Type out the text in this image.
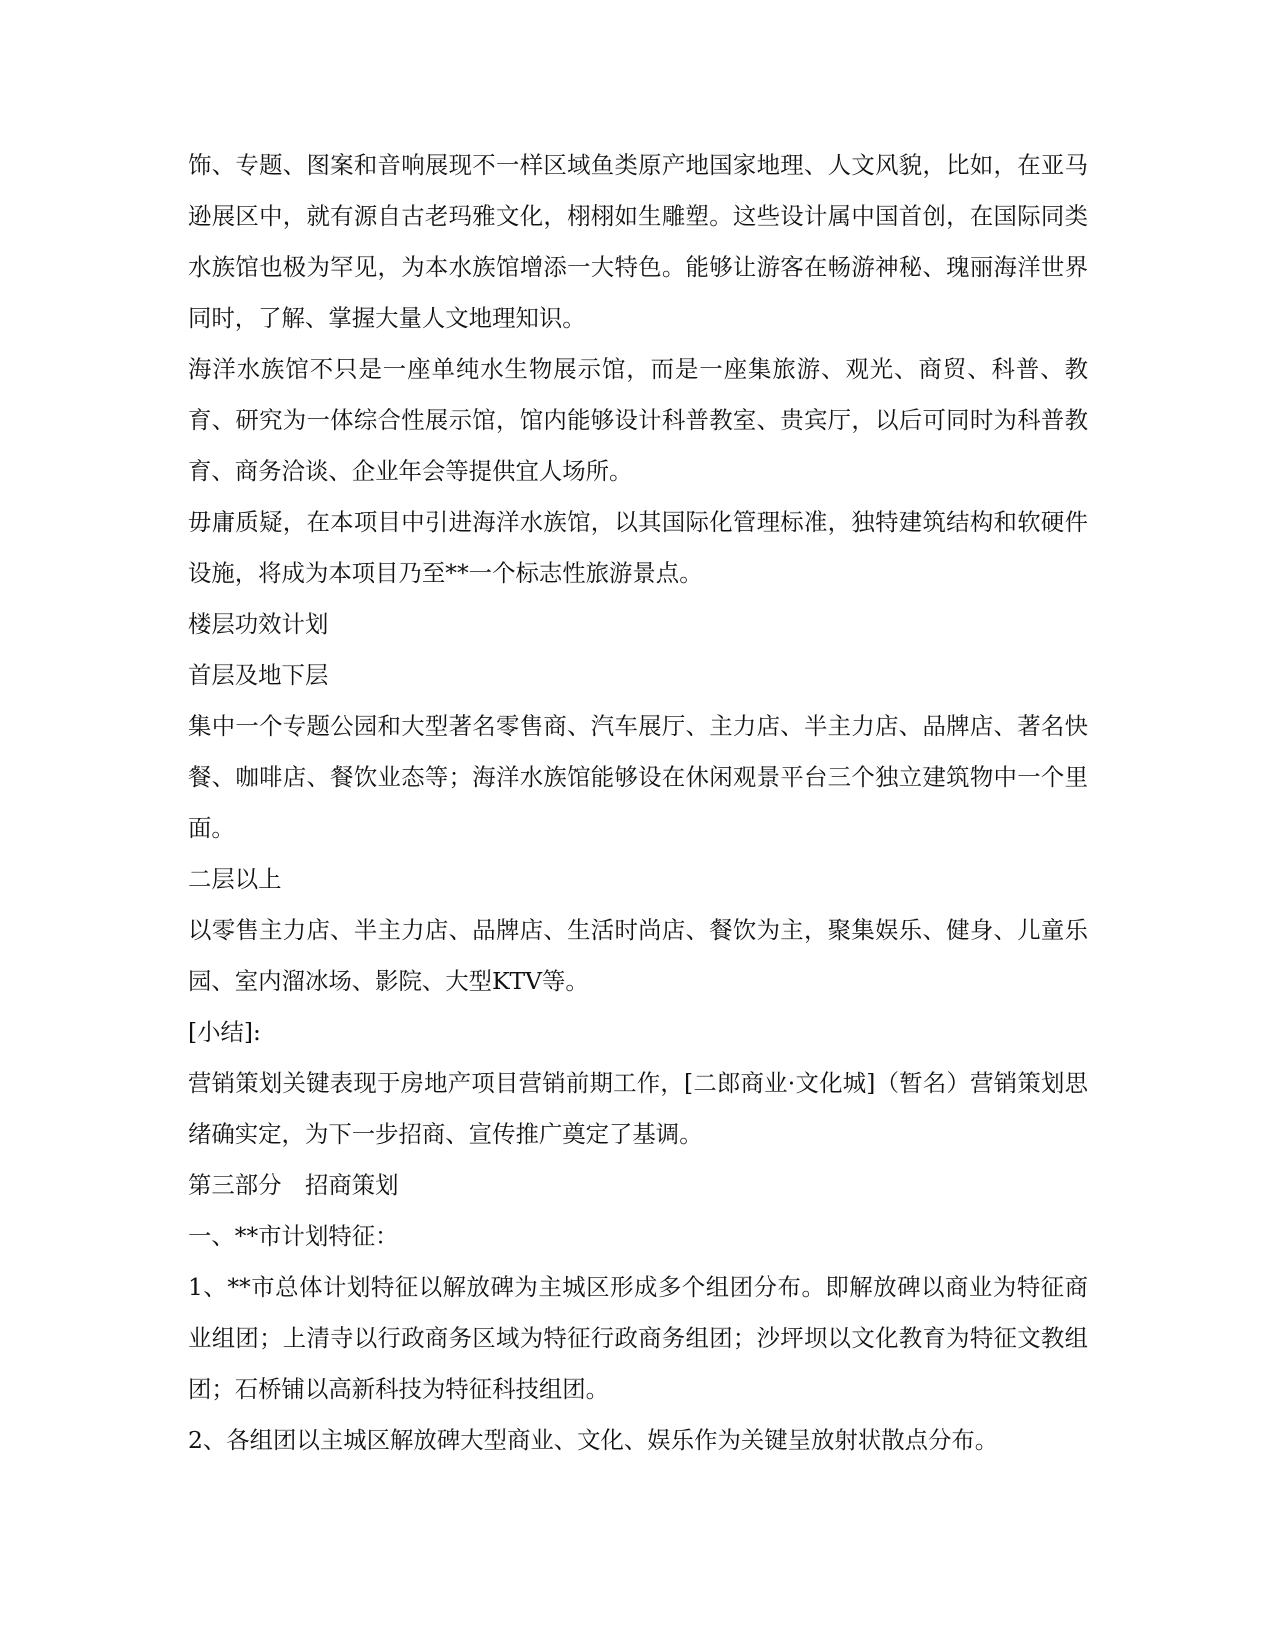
饰、专题、图案和音响展现不一样区域鱼类原产地国家地理、人文风貌，比如，在亚马逊展区中，就有源自古老玛雅文化，栩栩如生雕塑。这些设计属中国首创，在国际同类水族馆也极为罕见，为本水族馆增添一大特色。能够让游客在畅游神秘、瑰丽海洋世界同时，了解、掌握大量人文地理知识。

海洋水族馆不只是一座单纯水生物展示馆，而是一座集旅游、观光、商贸、科普、教育、研究为一体综合性展示馆，馆内能够设计科普教室、贵宾厅，以后可同时为科普教育、商务洽谈、企业年会等提供宜人场所。

毋庸质疑，在本项目中引进海洋水族馆，以其国际化管理标准，独特建筑结构和软硬件设施，将成为本项目乃至**一个标志性旅游景点。

楼层功效计划

首层及地下层

集中一个专题公园和大型著名零售商、汽车展厅、主力店、半主力店、品牌店、著名快餐、咖啡店、餐饮业态等；海洋水族馆能够设在休闲观景平台三个独立建筑物中一个里面。

二层以上

以零售主力店、半主力店、品牌店、生活时尚店、餐饮为主，聚集娱乐、健身、儿童乐园、室内溜冰场、影院、大型KTV等。

[小结]:

营销策划关键表现于房地产项目营销前期工作，[二郎商业·文化城]（暂名）营销策划思绪确实定，为下一步招商、宣传推广奠定了基调。

第三部分　招商策划

一、**市计划特征：

1、**市总体计划特征以解放碑为主城区形成多个组团分布。即解放碑以商业为特征商业组团；上清寺以行政商务区域为特征行政商务组团；沙坪坝以文化教育为特征文教组团；石桥铺以高新科技为特征科技组团。

2、各组团以主城区解放碑大型商业、文化、娱乐作为关键呈放射状散点分布。
